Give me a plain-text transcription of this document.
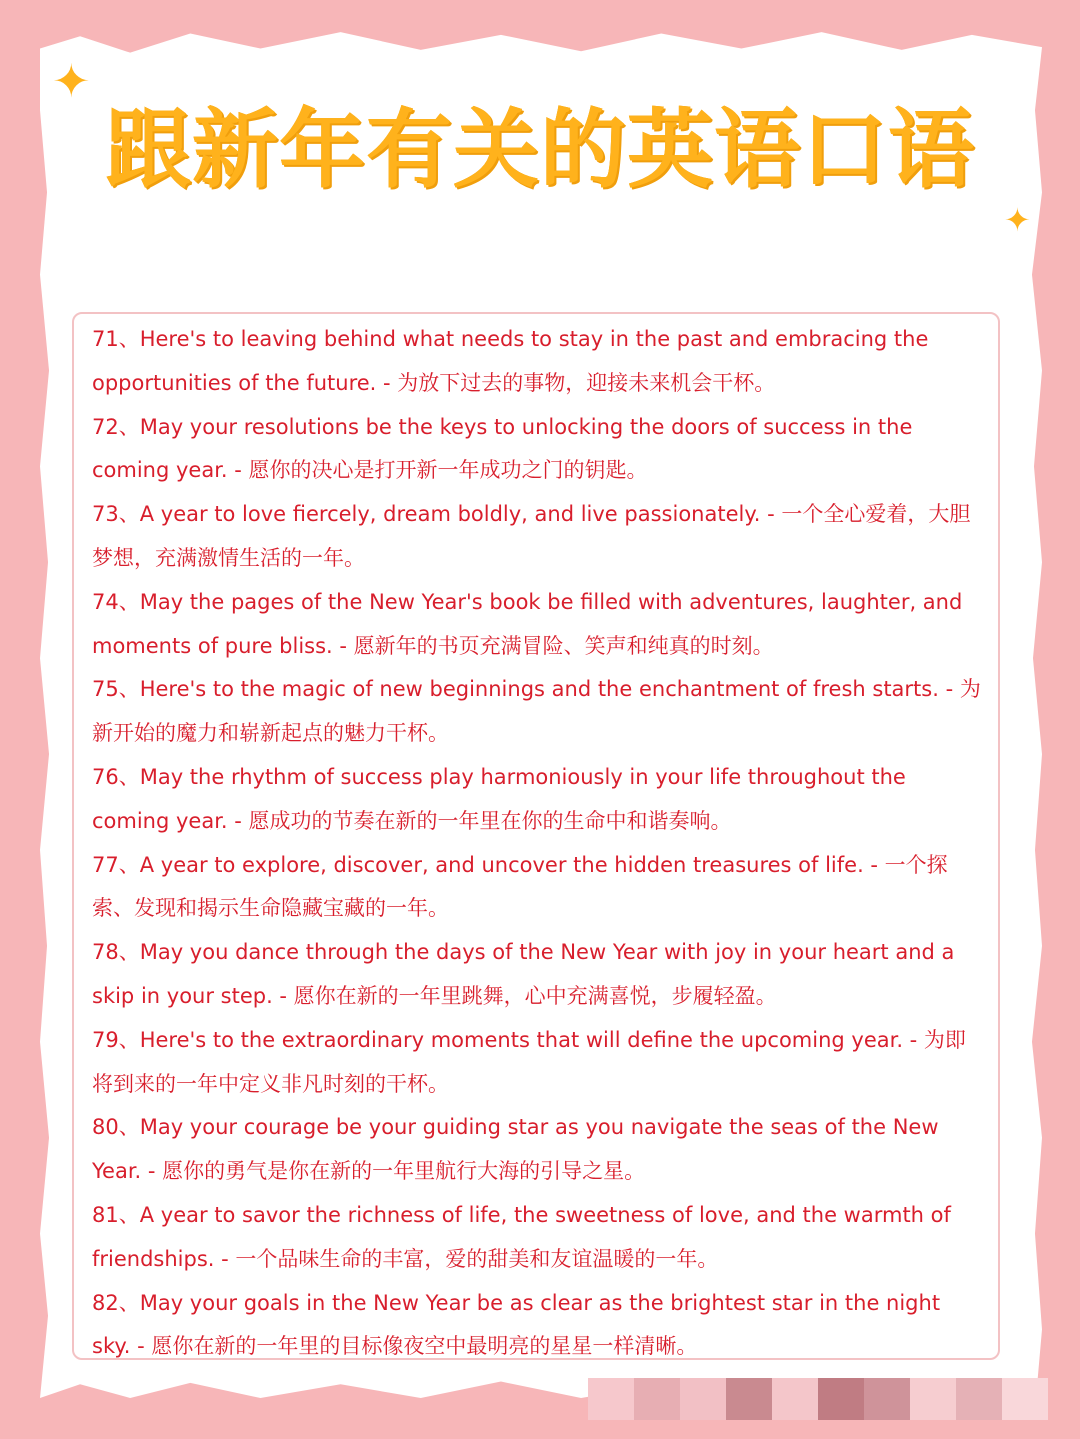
✦
✦
跟新年有关的英语口语

71、Here's to leaving behind what needs to stay in the past and embracing the opportunities of the future. - 为放下过去的事物，迎接未来机会干杯。

72、May your resolutions be the keys to unlocking the doors of success in the coming year. - 愿你的决心是打开新一年成功之门的钥匙。

73、A year to love fiercely, dream boldly, and live passionately. - 一个全心爱着，大胆梦想，充满激情生活的一年。

74、May the pages of the New Year's book be filled with adventures, laughter, and moments of pure bliss. - 愿新年的书页充满冒险、笑声和纯真的时刻。

75、Here's to the magic of new beginnings and the enchantment of fresh starts. - 为新开始的魔力和崭新起点的魅力干杯。

76、May the rhythm of success play harmoniously in your life throughout the coming year. - 愿成功的节奏在新的一年里在你的生命中和谐奏响。

77、A year to explore, discover, and uncover the hidden treasures of life. - 一个探索、发现和揭示生命隐藏宝藏的一年。

78、May you dance through the days of the New Year with joy in your heart and a skip in your step. - 愿你在新的一年里跳舞，心中充满喜悦，步履轻盈。

79、Here's to the extraordinary moments that will define the upcoming year. - 为即将到来的一年中定义非凡时刻的干杯。

80、May your courage be your guiding star as you navigate the seas of the New Year. - 愿你的勇气是你在新的一年里航行大海的引导之星。

81、A year to savor the richness of life, the sweetness of love, and the warmth of friendships. - 一个品味生命的丰富，爱的甜美和友谊温暖的一年。

82、May your goals in the New Year be as clear as the brightest star in the night sky. - 愿你在新的一年里的目标像夜空中最明亮的星星一样清晰。
